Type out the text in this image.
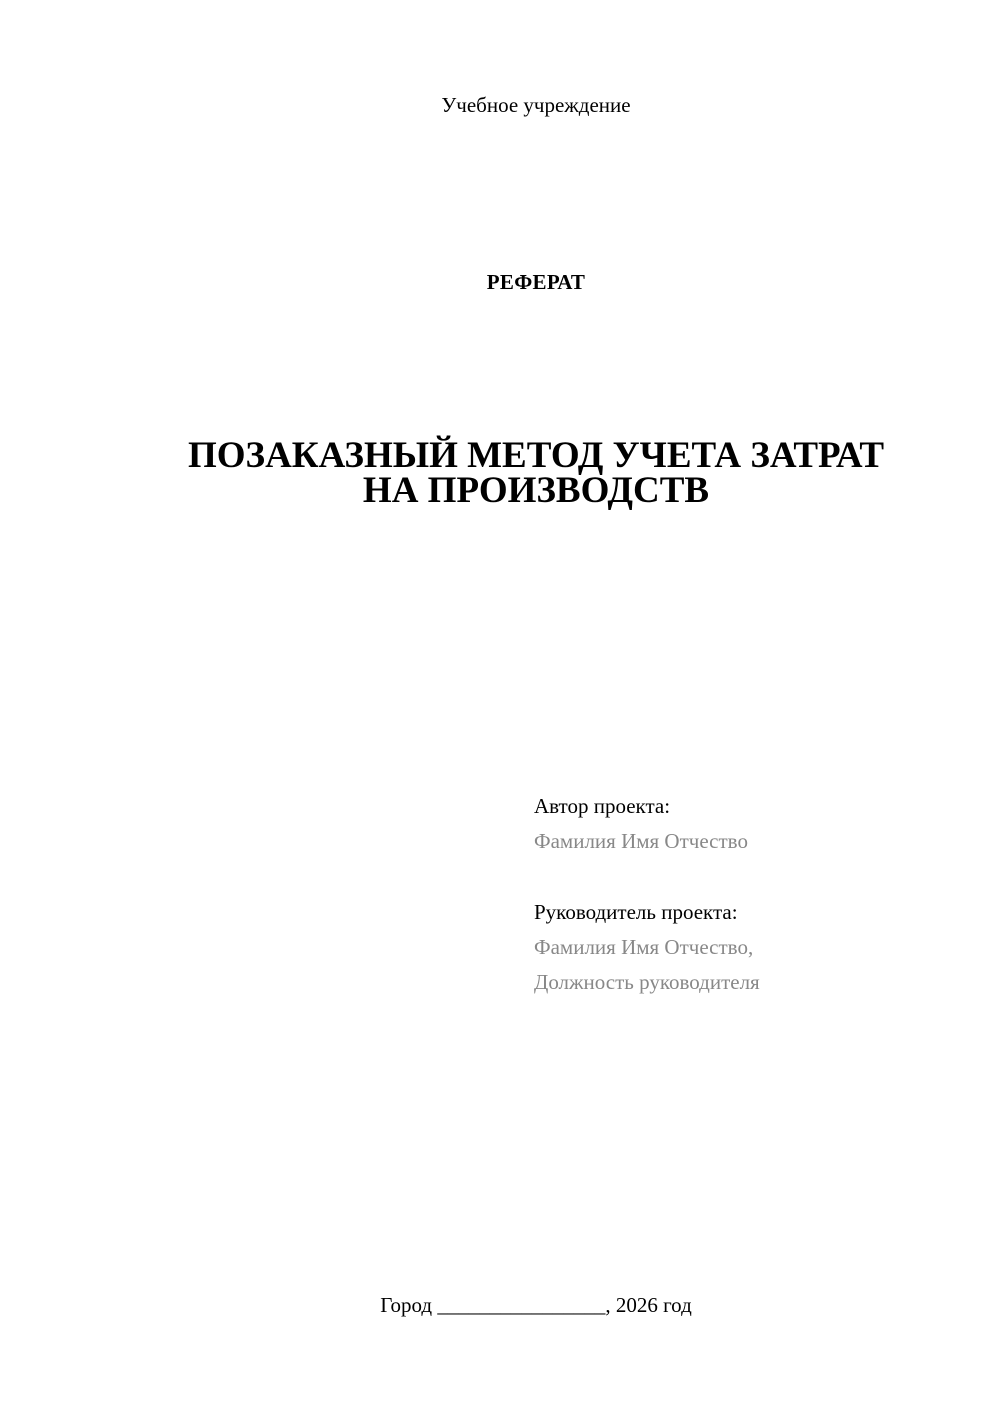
Учебное учреждение
РЕФЕРАТ
ПОЗАКАЗНЫЙ МЕТОД УЧЕТА ЗАТРАТ
НА ПРОИЗВОДСТВ
Автор проекта:
Фамилия Имя Отчество
Руководитель проекта:
Фамилия Имя Отчество,
Должность руководителя
Город ________________, 2026 год
